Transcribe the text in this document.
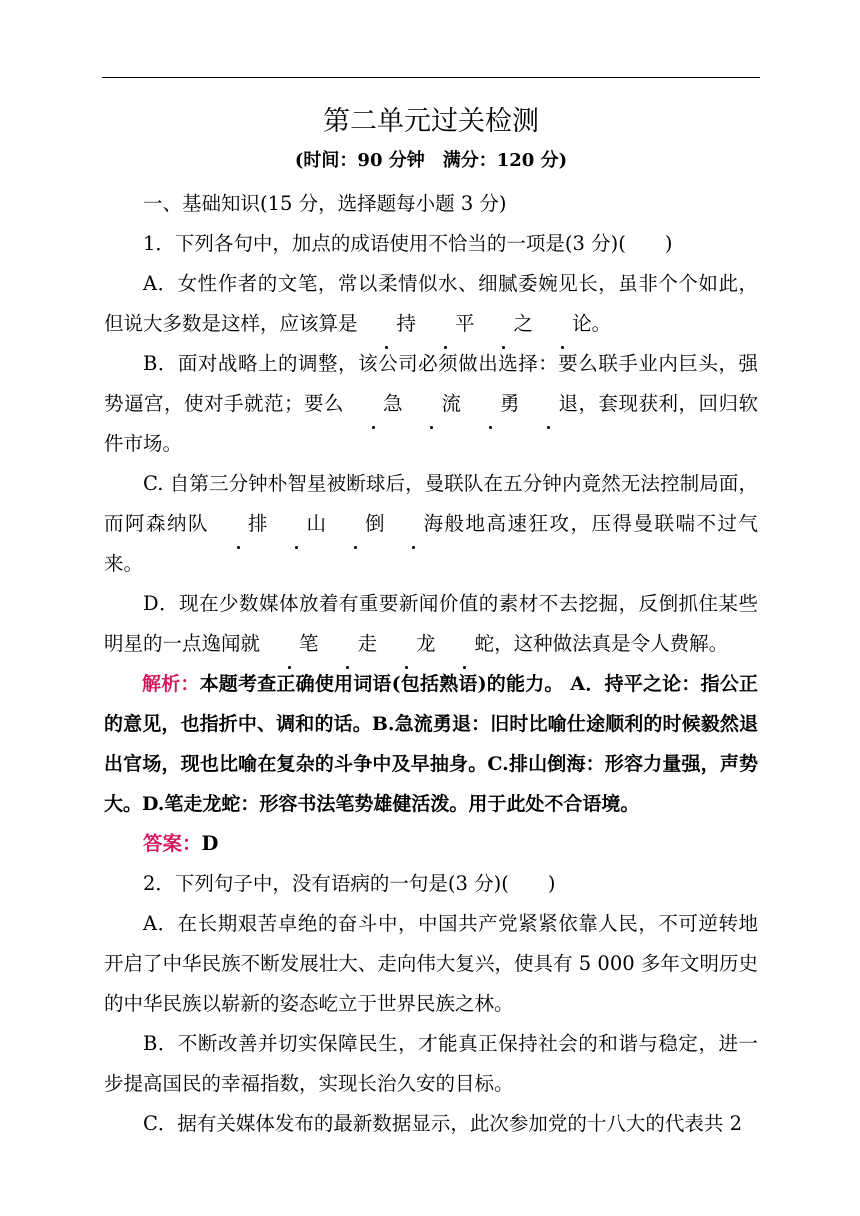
第二单元过关检测
(时间：90 分钟　满分：120 分)

一、基础知识(15 分，选择题每小题 3 分)

1．下列各句中，加点的成语使用不恰当的一项是(3 分)(　　)

A．女性作者的文笔，常以柔情似水、细腻委婉见长，虽非个个如此，但说大多数是这样，应该算是 持 平 之 论。

B．面对战略上的调整，该公司必须做出选择：要么联手业内巨头，强势逼宫，使对手就范；要么 急 流 勇 退，套现获利，回归软件市场。

C. 自第三分钟朴智星被断球后，曼联队在五分钟内竟然无法控制局面，而阿森纳队 排 山 倒 海般地高速狂攻，压得曼联喘不过气来。

D．现在少数媒体放着有重要新闻价值的素材不去挖掘，反倒抓住某些明星的一点逸闻就 笔 走 龙 蛇，这种做法真是令人费解。

解析：本题考查正确使用词语(包括熟语)的能力。 A．持平之论：指公正的意见，也指折中、调和的话。B.急流勇退：旧时比喻仕途顺利的时候毅然退出官场，现也比喻在复杂的斗争中及早抽身。C.排山倒海：形容力量强，声势大。D.笔走龙蛇：形容书法笔势雄健活泼。用于此处不合语境。

答案：D

2．下列句子中，没有语病的一句是(3 分)(　　)

A．在长期艰苦卓绝的奋斗中，中国共产党紧紧依靠人民，不可逆转地开启了中华民族不断发展壮大、走向伟大复兴，使具有 5 000 多年文明历史的中华民族以崭新的姿态屹立于世界民族之林。

B．不断改善并切实保障民生，才能真正保持社会的和谐与稳定，进一步提高国民的幸福指数，实现长治久安的目标。

C．据有关媒体发布的最新数据显示，此次参加党的十八大的代表共 2
